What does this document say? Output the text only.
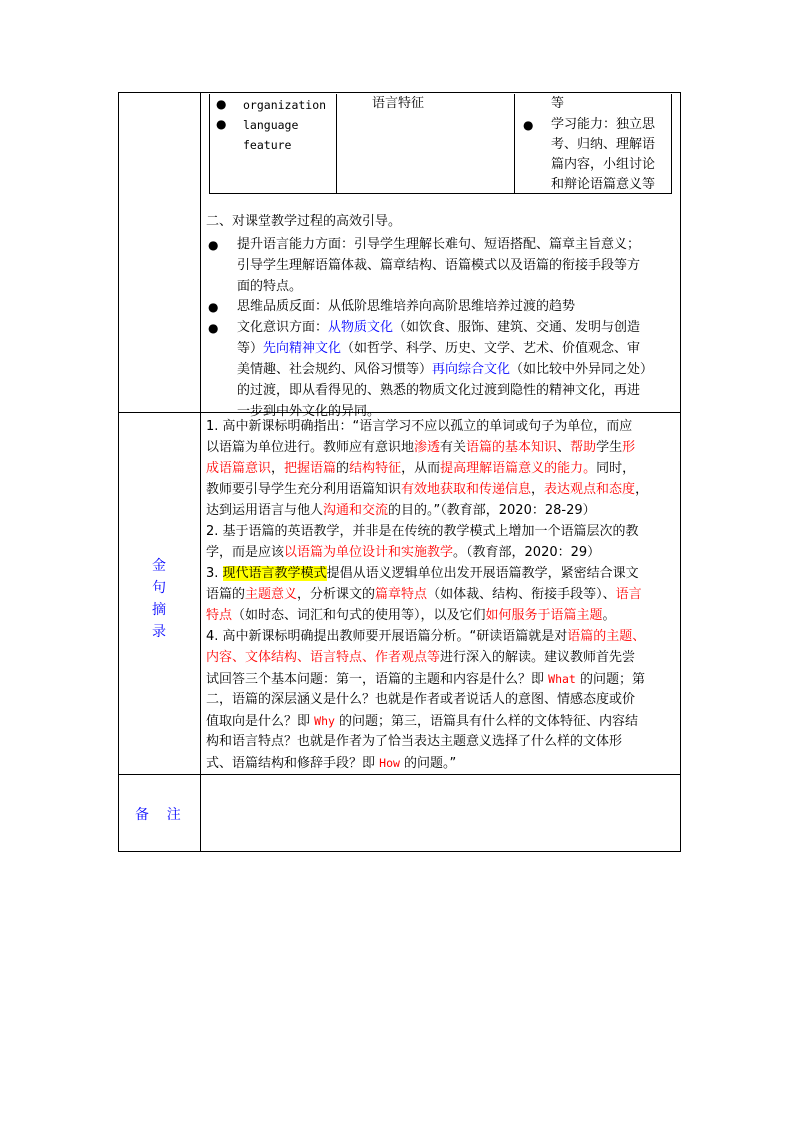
● organization
● language
feature
语言特征	等
● 学习能力：独立思
考、归纳、理解语
篇内容，小组讨论
和辩论语篇意义等
二、对课堂教学过程的高效引导。
● 提升语言能力方面：引导学生理解长难句、短语搭配、篇章主旨意义；
引导学生理解语篇体裁、篇章结构、语篇模式以及语篇的衔接手段等方
面的特点。
● 思维品质反面：从低阶思维培养向高阶思维培养过渡的趋势
● 文化意识方面：从物质文化（如饮食、服饰、建筑、交通、发明与创造
等）先向精神文化（如哲学、科学、历史、文学、艺术、价值观念、审
美情趣、社会规约、风俗习惯等）再向综合文化（如比较中外异同之处）
的过渡，即从看得见的、熟悉的物质文化过渡到隐性的精神文化，再进
一步到中外文化的异同。
金
句
摘
录
备    注
1. 高中新课标明确指出：“语言学习不应以孤立的单词或句子为单位，而应
以语篇为单位进行。教师应有意识地渗透有关语篇的基本知识、帮助学生形
成语篇意识，把握语篇的结构特征，从而提高理解语篇意义的能力。同时，
教师要引导学生充分利用语篇知识有效地获取和传递信息，表达观点和态度，
达到运用语言与他人沟通和交流的目的。”（教育部，2020：28-29）
2. 基于语篇的英语教学，并非是在传统的教学模式上增加一个语篇层次的教
学，而是应该以语篇为单位设计和实施教学。（教育部，2020：29）
3. 现代语言教学模式提倡从语义逻辑单位出发开展语篇教学，紧密结合课文
语篇的主题意义，分析课文的篇章特点（如体裁、结构、衔接手段等）、语言
特点（如时态、词汇和句式的使用等），以及它们如何服务于语篇主题。
4. 高中新课标明确提出教师要开展语篇分析。“研读语篇就是对语篇的主题、
内容、文体结构、语言特点、作者观点等进行深入的解读。建议教师首先尝
试回答三个基本问题：第一，语篇的主题和内容是什么？即 What 的问题；第
二，语篇的深层涵义是什么？也就是作者或者说话人的意图、情感态度或价
值取向是什么？即 Why 的问题；第三，语篇具有什么样的文体特征、内容结
构和语言特点？也就是作者为了恰当表达主题意义选择了什么样的文体形
式、语篇结构和修辞手段？即 How 的问题。”
